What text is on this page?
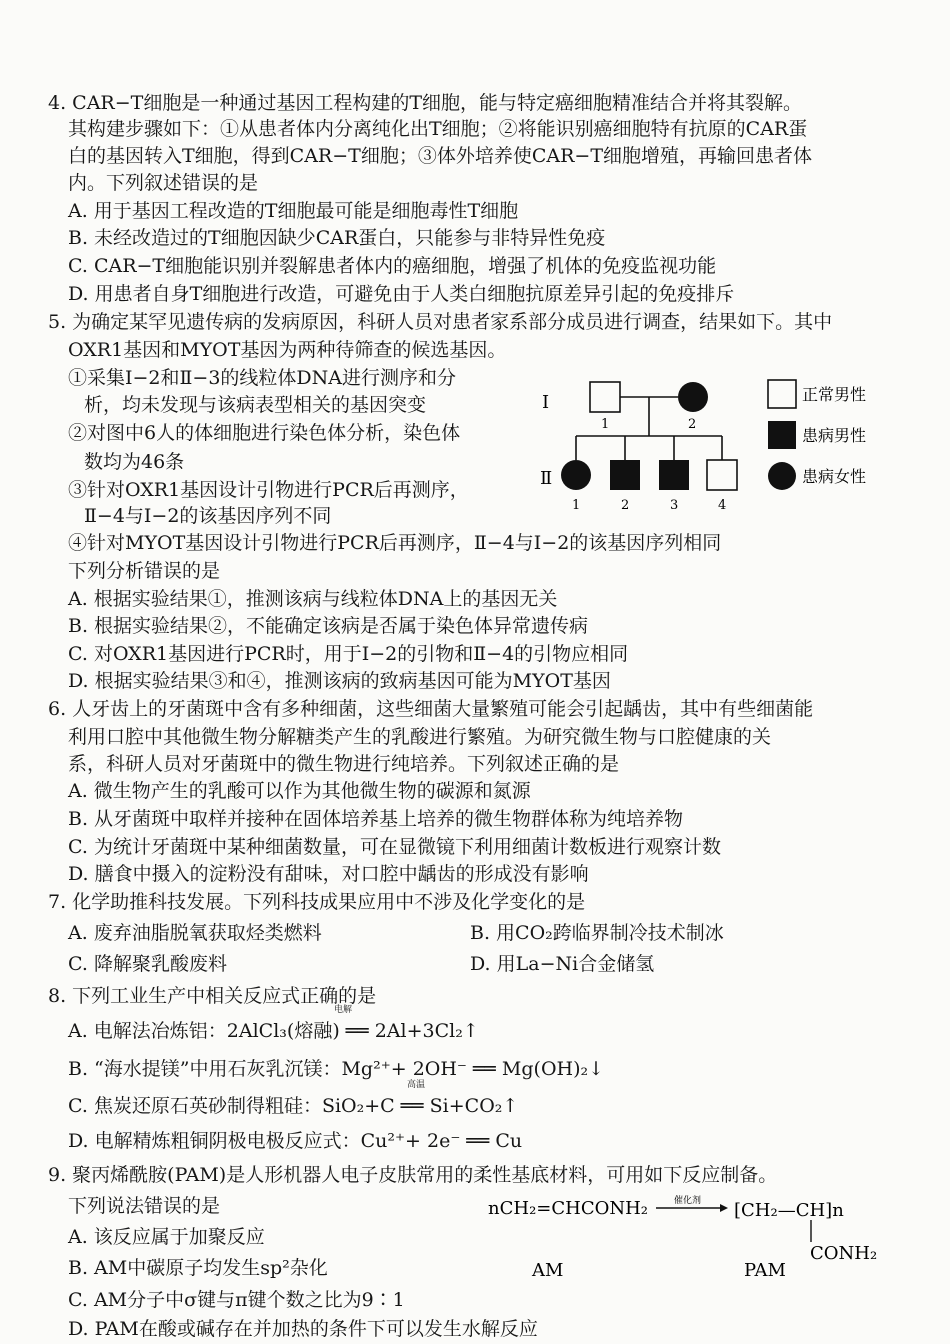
4. CAR−T细胞是一种通过基因工程构建的T细胞，能与特定癌细胞精准结合并将其裂解。
其构建步骤如下：①从患者体内分离纯化出T细胞；②将能识别癌细胞特有抗原的CAR蛋
白的基因转入T细胞，得到CAR−T细胞；③体外培养使CAR−T细胞增殖，再输回患者体
内。下列叙述错误的是
A. 用于基因工程改造的T细胞最可能是细胞毒性T细胞
B. 未经改造过的T细胞因缺少CAR蛋白，只能参与非特异性免疫
C. CAR−T细胞能识别并裂解患者体内的癌细胞，增强了机体的免疫监视功能
D. 用患者自身T细胞进行改造，可避免由于人类白细胞抗原差异引起的免疫排斥
5. 为确定某罕见遗传病的发病原因，科研人员对患者家系部分成员进行调查，结果如下。其中
OXR1基因和MYOT基因为两种待筛查的候选基因。
①采集Ⅰ−2和Ⅱ−3的线粒体DNA进行测序和分
析，均未发现与该病表型相关的基因突变
②对图中6人的体细胞进行染色体分析，染色体
数均为46条
③针对OXR1基因设计引物进行PCR后再测序，
Ⅱ−4与Ⅰ−2的该基因序列不同
④针对MYOT基因设计引物进行PCR后再测序，Ⅱ−4与Ⅰ−2的该基因序列相同
下列分析错误的是
A. 根据实验结果①，推测该病与线粒体DNA上的基因无关
B. 根据实验结果②，不能确定该病是否属于染色体异常遗传病
C. 对OXR1基因进行PCR时，用于Ⅰ−2的引物和Ⅱ−4的引物应相同
D. 根据实验结果③和④，推测该病的致病基因可能为MYOT基因
Ⅰ
Ⅱ
1	2
1	2	3	4
正常男性
患病男性
患病女性
6. 人牙齿上的牙菌斑中含有多种细菌，这些细菌大量繁殖可能会引起龋齿，其中有些细菌能
利用口腔中其他微生物分解糖类产生的乳酸进行繁殖。为研究微生物与口腔健康的关
系，科研人员对牙菌斑中的微生物进行纯培养。下列叙述正确的是
A. 微生物产生的乳酸可以作为其他微生物的碳源和氮源
B. 从牙菌斑中取样并接种在固体培养基上培养的微生物群体称为纯培养物
C. 为统计牙菌斑中某种细菌数量，可在显微镜下利用细菌计数板进行观察计数
D. 膳食中摄入的淀粉没有甜味，对口腔中龋齿的形成没有影响
7. 化学助推科技发展。下列科技成果应用中不涉及化学变化的是
A. 废弃油脂脱氧获取烃类燃料	B. 用CO₂跨临界制冷技术制冰
C. 降解聚乳酸废料	D. 用La−Ni合金储氢
8. 下列工业生产中相关反应式正确的是
A. 电解法冶炼铝：2AlCl₃(熔融) ══ 2Al+3Cl₂↑
B. “海水提镁”中用石灰乳沉镁：Mg²⁺+ 2OH⁻ ══ Mg(OH)₂↓
C. 焦炭还原石英砂制得粗硅：SiO₂+C ══ Si+CO₂↑
D. 电解精炼粗铜阴极电极反应式：Cu²⁺+ 2e⁻ ══ Cu
电解
高温
9. 聚丙烯酰胺(PAM)是人形机器人电子皮肤常用的柔性基底材料，可用如下反应制备。
下列说法错误的是
A. 该反应属于加聚反应
B. AM中碳原子均发生sp²杂化
C. AM分子中σ键与π键个数之比为9∶1
D. PAM在酸或碱存在并加热的条件下可以发生水解反应
nCH₂=CHCONH₂	催化剂 [CH₂—CH]n
CONH₂
AM	PAM
